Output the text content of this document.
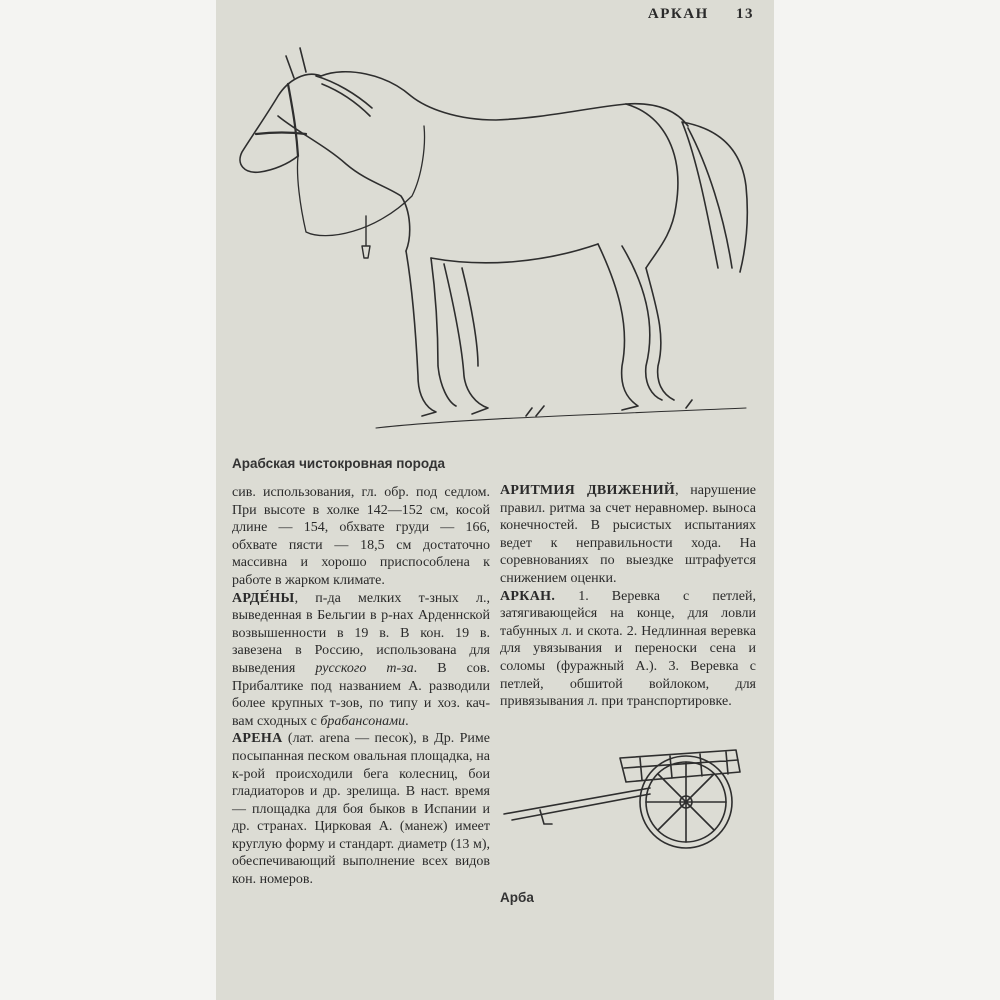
АРКАН 13
Арабская чистокровная порода

сив. использования, гл. обр. под седлом. При высоте в холке 142—152 см, косой длине — 154, обхвате груди — 166, обхвате пясти — 18,5 см достаточно массивна и хорошо приспособлена к работе в жарком климате.

АРДЕ́НЫ, п-да мелких т-зных л., выведенная в Бельгии в р-нах Арденнской возвышенности в 19 в. В кон. 19 в. завезена в Россию, использована для выведения русского т-за. В сов. Прибалтике под названием А. разводили более крупных т-зов, по типу и хоз. кач-вам сходных с брабансонами.

АРЕНА (лат. arena — песок), в Др. Риме посыпанная песком овальная площадка, на к-рой происходили бега колесниц, бои гладиаторов и др. зрелища. В наст. время — площадка для боя быков в Испании и др. странах. Цирковая А. (манеж) имеет круглую форму и стандарт. диаметр (13 м), обеспечивающий выполнение всех видов кон. номеров.

АРИТМИЯ ДВИЖЕНИЙ, нарушение правил. ритма за счет неравномер. выноса конечностей. В рысистых испытаниях ведет к неправильности хода. На соревнованиях по выездке штрафуется снижением оценки.

АРКАН. 1. Веревка с петлей, затягивающейся на конце, для ловли табунных л. и скота. 2. Недлинная веревка для увязывания и переноски сена и соломы (фуражный А.). 3. Веревка с петлей, обшитой войлоком, для привязывания л. при транспортировке.

Арба
